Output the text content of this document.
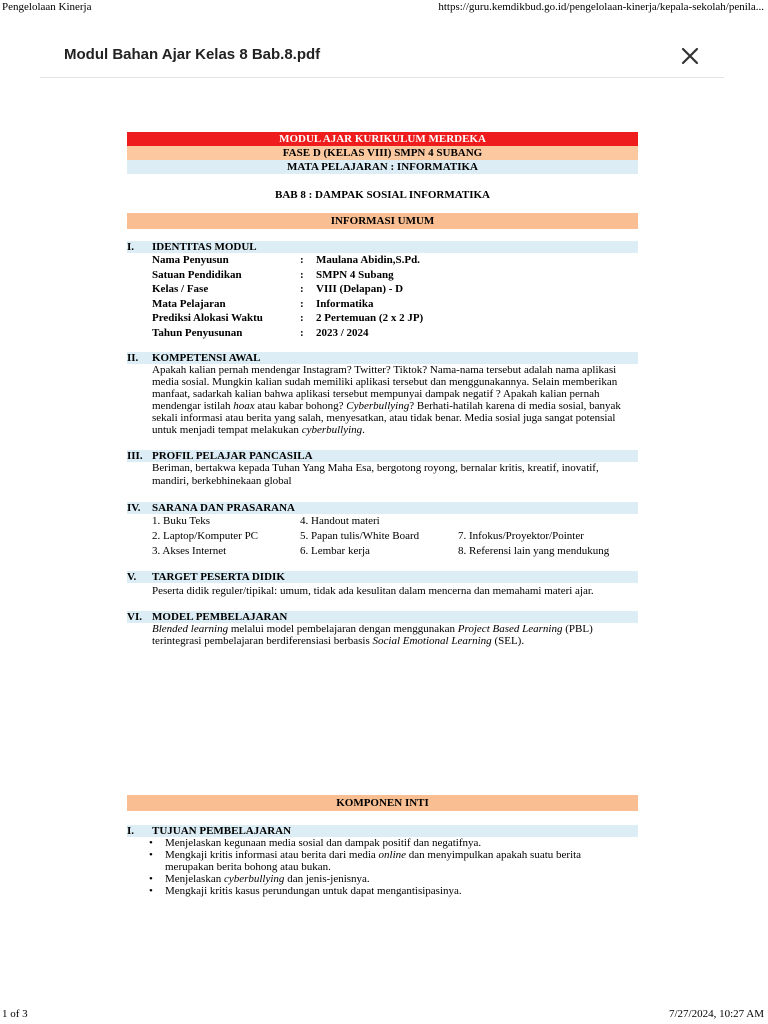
Pengelolaan Kinerja	https://guru.kemdikbud.go.id/pengelolaan-kinerja/kepala-sekolah/penila...
Modul Bahan Ajar Kelas 8 Bab.8.pdf
MODUL AJAR KURIKULUM MERDEKA
FASE D (KELAS VIII) SMPN 4 SUBANG
MATA PELAJARAN : INFORMATIKA
BAB 8 : DAMPAK SOSIAL INFORMATIKA
INFORMASI UMUM
I. IDENTITAS MODUL
Nama Penyusun	: Maulana Abidin,S.Pd.
Satuan Pendidikan	: SMPN 4 Subang
Kelas / Fase	: VIII (Delapan) - D
Mata Pelajaran	: Informatika
Prediksi Alokasi Waktu	: 2 Pertemuan (2 x 2 JP)
Tahun Penyusunan	: 2023 / 2024
II. KOMPETENSI AWAL
Apakah kalian pernah mendengar Instagram? Twitter? Tiktok? Nama-nama tersebut adalah nama aplikasi media sosial. Mungkin kalian sudah memiliki aplikasi tersebut dan menggunakannya. Selain memberikan manfaat, sadarkah kalian bahwa aplikasi tersebut mempunyai dampak negatif ? Apakah kalian pernah mendengar istilah hoax atau kabar bohong? Cyberbullying? Berhati-hatilah karena di media sosial, banyak sekali informasi atau berita yang salah, menyesatkan, atau tidak benar. Media sosial juga sangat potensial untuk menjadi tempat melakukan cyberbullying.
III. PROFIL PELAJAR PANCASILA
Beriman, bertakwa kepada Tuhan Yang Maha Esa, bergotong royong, bernalar kritis, kreatif, inovatif, mandiri, berkebhinekaan global
IV. SARANA DAN PRASARANA
1. Buku Teks	4. Handout materi
2. Laptop/Komputer PC	5. Papan tulis/White Board	7. Infokus/Proyektor/Pointer
3. Akses Internet	6. Lembar kerja	8. Referensi lain yang mendukung
V. TARGET PESERTA DIDIK
Peserta didik reguler/tipikal: umum, tidak ada kesulitan dalam mencerna dan memahami materi ajar.
VI. MODEL PEMBELAJARAN
Blended learning melalui model pembelajaran dengan menggunakan Project Based Learning (PBL) terintegrasi pembelajaran berdiferensiasi berbasis Social Emotional Learning (SEL).
KOMPONEN INTI
I. TUJUAN PEMBELAJARAN
• Menjelaskan kegunaan media sosial dan dampak positif dan negatifnya.
• Mengkaji kritis informasi atau berita dari media online dan menyimpulkan apakah suatu berita merupakan berita bohong atau bukan.
• Menjelaskan cyberbullying dan jenis-jenisnya.
• Mengkaji kritis kasus perundungan untuk dapat mengantisipasinya.
1 of 3	7/27/2024, 10:27 AM
